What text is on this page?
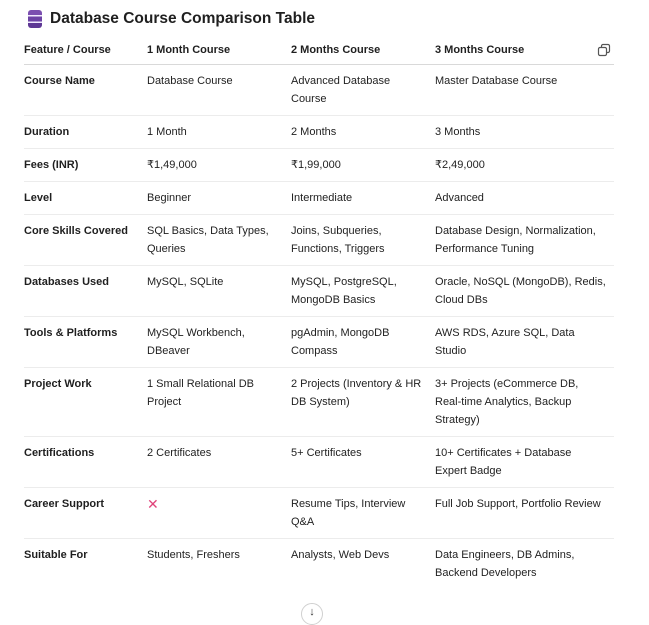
Database Course Comparison Table
Feature / Course	1 Month Course	2 Months Course	3 Months Course
Course Name	Database Course	Advanced Database Course	Master Database Course
Duration	1 Month	2 Months	3 Months
Fees (INR)	₹1,49,000	₹1,99,000	₹2,49,000
Level	Beginner	Intermediate	Advanced
Core Skills Covered	SQL Basics, Data Types, Queries	Joins, Subqueries, Functions, Triggers	Database Design, Normalization, Performance Tuning
Databases Used	MySQL, SQLite	MySQL, PostgreSQL, MongoDB Basics	Oracle, NoSQL (MongoDB), Redis, Cloud DBs
Tools & Platforms	MySQL Workbench, DBeaver	pgAdmin, MongoDB Compass	AWS RDS, Azure SQL, Data Studio
Project Work	1 Small Relational DB Project	2 Projects (Inventory & HR DB System)	3+ Projects (eCommerce DB, Real-time Analytics, Backup Strategy)
Certifications	2 Certificates	5+ Certificates	10+ Certificates + Database Expert Badge
Career Support	✕	Resume Tips, Interview Q&A	Full Job Support, Portfolio Review
Suitable For	Students, Freshers	Analysts, Web Devs	Data Engineers, DB Admins, Backend Developers
↓
